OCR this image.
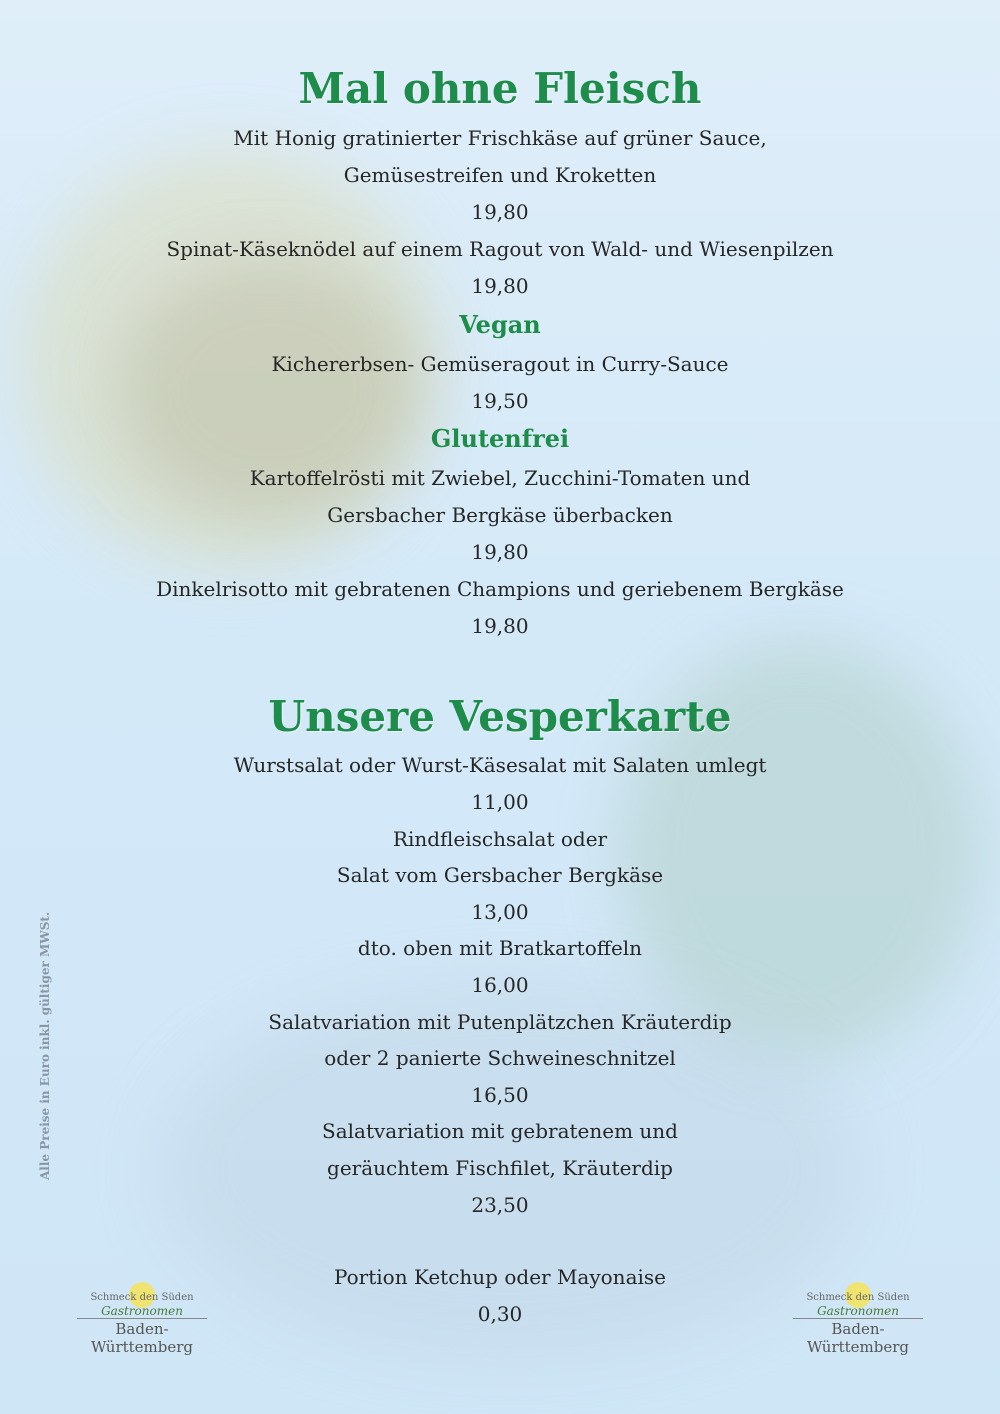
Mal ohne Fleisch

Mit Honig gratinierter Frischkäse auf grüner Sauce,

Gemüsestreifen und Kroketten

19,80

Spinat-Käseknödel auf einem Ragout von Wald- und Wiesenpilzen

19,80

Vegan

Kichererbsen- Gemüseragout in Curry-Sauce

19,50

Glutenfrei

Kartoffelrösti mit Zwiebel, Zucchini-Tomaten und

Gersbacher Bergkäse überbacken

19,80

Dinkelrisotto mit gebratenen Champions und geriebenem Bergkäse

19,80

Unsere Vesperkarte

Wurstsalat oder Wurst-Käsesalat mit Salaten umlegt

11,00

Rindfleischsalat oder

Salat vom Gersbacher Bergkäse

13,00

dto. oben mit Bratkartoffeln

16,00

Salatvariation mit Putenplätzchen Kräuterdip

oder 2 panierte Schweineschnitzel

16,50

Salatvariation mit gebratenem und

geräuchtem Fischfilet, Kräuterdip

23,50

Portion Ketchup oder Mayonaise

0,30

Alle Preise in Euro inkl. gültiger MWSt.
Schmeck den Süden
Gastronomen
Baden-Württemberg
Schmeck den Süden
Gastronomen
Baden-Württemberg
